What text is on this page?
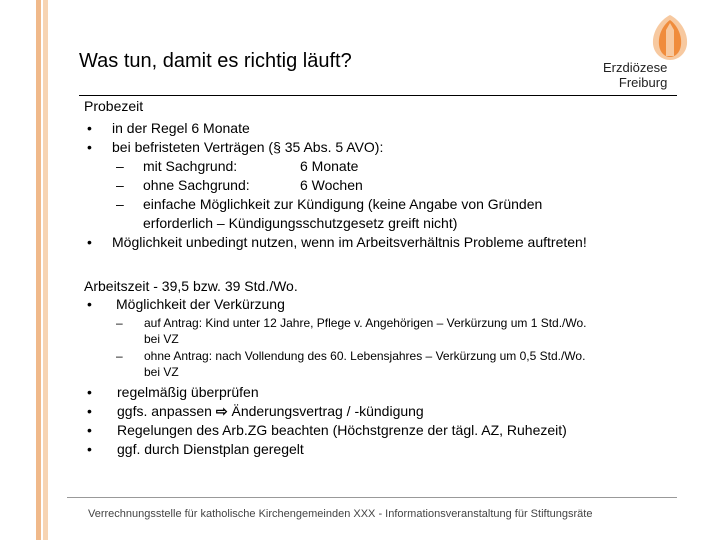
Was tun, damit es richtig läuft?	Erzdiözese

Freiburg
Probezeit
• in der Regel 6 Monate
• bei befristeten Verträgen (§ 35 Abs. 5 AVO):
– mit Sachgrund:	6 Monate
– ohne Sachgrund:	6 Wochen
– einfache Möglichkeit zur Kündigung (keine Angabe von Gründen
erforderlich – Kündigungsschutzgesetz greift nicht)
• Möglichkeit unbedingt nutzen, wenn im Arbeitsverhältnis Probleme auftreten!
Arbeitszeit - 39,5 bzw. 39 Std./Wo.
• Möglichkeit der Verkürzung
– auf Antrag: Kind unter 12 Jahre, Pflege v. Angehörigen – Verkürzung um 1 Std./Wo.
bei VZ
– ohne Antrag: nach Vollendung des 60. Lebensjahres – Verkürzung um 0,5 Std./Wo.
bei VZ
• regelmäßig überprüfen
• ggfs. anpassen ⇨ Änderungsvertrag / -kündigung
• Regelungen des Arb.ZG beachten (Höchstgrenze der tägl. AZ, Ruhezeit)
• ggf. durch Dienstplan geregelt
Verrechnungsstelle für katholische Kirchengemeinden XXX - Informationsveranstaltung für Stiftungsräte
